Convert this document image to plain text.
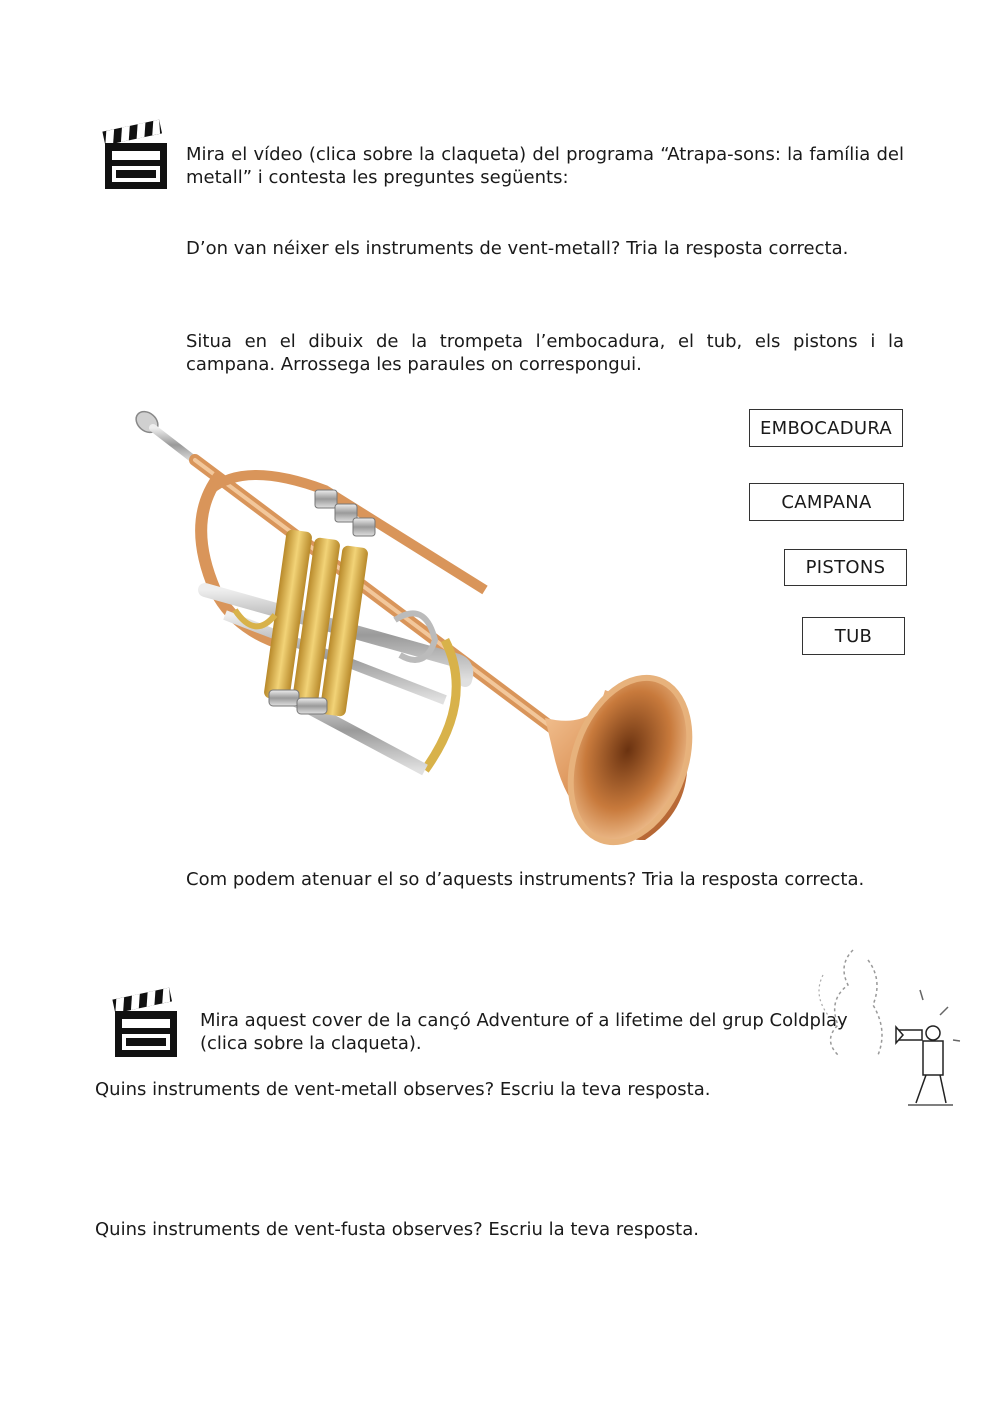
Mira el vídeo (clica sobre la claqueta) del programa “Atrapa-sons: la família del metall” i contesta les preguntes següents:
D’on van néixer els instruments de vent-metall? Tria la resposta correcta.
Situa en el dibuix de la trompeta l’embocadura, el tub, els pistons i la campana. Arrossega les paraules on correspongui.
EMBOCADURA
CAMPANA
PISTONS
TUB
Com podem atenuar el so d’aquests instruments? Tria la resposta correcta.
Mira aquest cover de la cançó Adventure of a lifetime del grup Coldplay (clica sobre la claqueta).
Quins instruments de vent-metall observes? Escriu la teva resposta.
Quins instruments de vent-fusta observes? Escriu la teva resposta.
